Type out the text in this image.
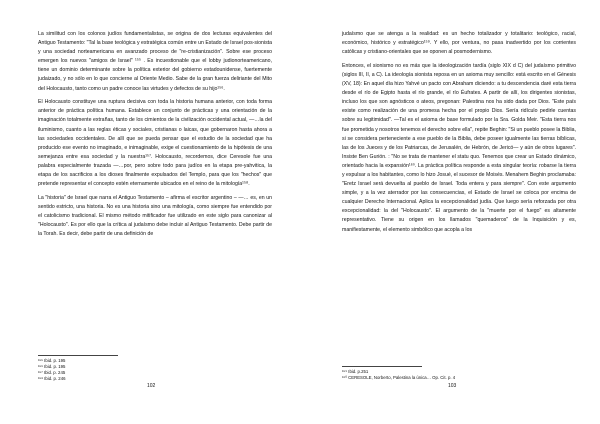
La similitud con los colonos judíos fundamentalistas, se origina de dos lecturas equivalentes del Antiguo Testamento: "Tal la base teológica y estratégica común entre un Estado de Israel pos-sionista y una sociedad norteamericana en avanzado proceso de "re-cristianización". Sobre ese proceso emergen los nuevos "amigos de Israel" ¹⁵⁵ . Es incuestionable que el lobby judionorteamericano, tiene un dominio determinante sobre la política exterior del gobierno estadounidense, fuertemente judaizado, y no sólo en lo que concierne al Oriente Medio. Sabe de la gran fuerza deliriante del Mito del Holocausto, tanto como un padre conoce las virtudes y defectos de su hijo¹⁵⁶.

El Holocausto constituye una ruptura decisiva con toda la historia humana anterior, con toda forma anterior de práctica política humana. Establece un conjunto de prácticas y una orientación de la imaginación totalmente extrañas, tanto de los cimientos de la civilización occidental actual, —…la del iluminismo, cuanto a las reglas éticas y sociales, cristianas o laicas, que gobernaron hasta ahora a las sociedades occidentales. De allí que se pueda pensar que el estudio de la sociedad que ha producido ese evento no imaginado, e inimaginable, exige el cuestionamiento de la hipótesis de una semejanza entre esa sociedad y la nuestra¹⁵⁷. Holocausto, recordemos, dice Ceresole fue una palabra especialmente trazada —…por, pero sobre todo para judíos en la etapa pre-yahvitica, la etapa de los sacrificios a los dioses finalmente expulsados del Templo, para que los "hechos" que pretende representar el concepto estén eternamente ubicados en el reino de la mitología¹⁵⁸.

La "historia" de Israel que narra el Antiguo Testamento – afirma el escritor argentino – —… es, en un sentido estricto, una historia. No es una historia sino una mitología, como siempre fue entendido por el catolicismo tradicional. El mismo método mitificador fue utilizado en este siglo para canonizar al "Holocausto". Es por ello que la crítica al judaísmo debe incluir al Antiguo Testamento. Debe partir de la Torah. Es decir, debe partir de una definición de

¹⁵⁵ Ibid. p. 195
¹⁵⁶ Ibid. p. 195
¹⁵⁷ Ibid. p. 245
¹⁵⁸ Ibid. p. 246
102

judaísmo que se atenga a la realidad: es un hecho totalizador y totalitario: teológico, racial, económico, histórico y estratégico¹⁵⁹. Y ello, por ventura, no pasa inadvertido por los corrientes católicas y cristiano-orientales que se oponen al posmodernismo.

Entonces, el sionismo no es más que la ideologización tardía (siglo XIX d C) del judaísmo primitivo (siglos III, II, a C). La ideología sionista reposa en un axioma muy sencillo: está escrito en el Génesis (XV, 18): En aquel día hizo Yahvé un pacto con Abraham diciendo: a tu descendencia daré esta tierra desde el río de Egipto hasta el río grande, el río Éufrates. A partir de allí, los dirigentes sionistas, incluso los que son agnósticos o ateos, pregonan: Palestina nos ha sido dada por Dios. "Este país existe como realización de una promesa hecha por el propio Dios. Sería ridículo pedirle cuentas sobre su legitimidad". —Tal es el axioma de base formulado por la Sra. Golda Meir. "Esta tierra nos fue prometida y nosotros tenemos el derecho sobre ella", repite Beghin: "Si un pueblo posee la Biblia, si se considera perteneciente a ese pueblo de la Biblia, debe poseer igualmente las tierras bíblicas, las de los Jueces y de los Patriarcas, de Jerusalén, de Hebrón, de Jericó— y aún de otros lugares". Insiste Ben Gurión. : "No se trata de mantener el statu quo. Tenemos que crear un Estado dinámico, orientado hacia la expansión¹⁶⁰. La práctica política responde a esta singular teoría: robarse la tierra y expulsar a los habitantes, como lo hizo Josué, el sucesor de Moisés. Menahem Beghin proclamaba: "Eretz Israel será devuelta al pueblo de Israel. Toda entera y para siempre". Con este argumento simple, y a la vez aterrador por las consecuencias, el Estado de Israel se coloca por encima de cualquier Derecho Internacional. Aplica la excepcionalidad judía. Que luego sería reforzada por otra excepcionalidad: la del "Holocausto". El argumento de la "muerte por el fuego" es altamente representativo. Tiene su origen en los llamados "quemaderos" de la Inquisición y es, manifiestamente, el elemento simbólico que acopla a los

¹⁵⁹ Ibid. p.251
¹⁶⁰ CERESOLE, Norberto, Palestina la única… Op. Cit. p. 4
103
